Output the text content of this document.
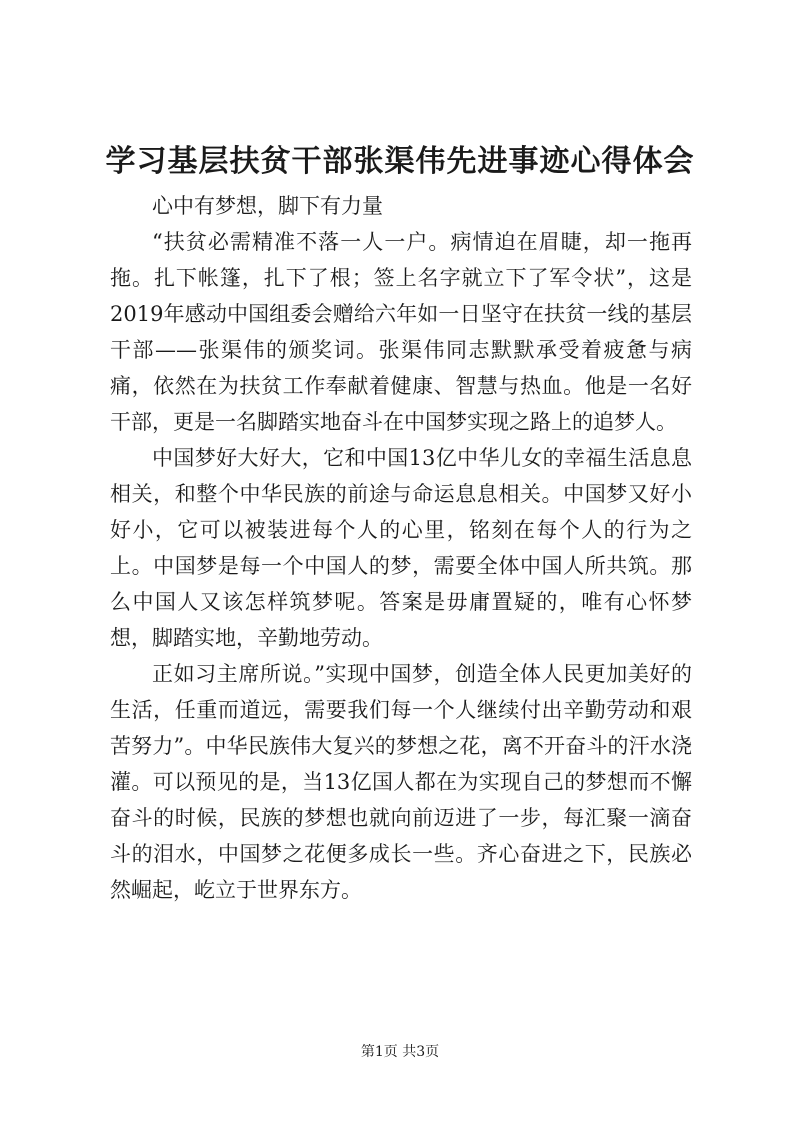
学习基层扶贫干部张渠伟先进事迹心得体会

心中有梦想，脚下有力量

“扶贫必需精准不落一人一户。病情迫在眉睫，却一拖再拖。扎下帐篷，扎下了根；签上名字就立下了军令状”，这是2019年感动中国组委会赠给六年如一日坚守在扶贫一线的基层干部——张渠伟的颁奖词。张渠伟同志默默承受着疲惫与病痛，依然在为扶贫工作奉献着健康、智慧与热血。他是一名好干部，更是一名脚踏实地奋斗在中国梦实现之路上的追梦人。

中国梦好大好大，它和中国13亿中华儿女的幸福生活息息相关，和整个中华民族的前途与命运息息相关。中国梦又好小好小，它可以被装进每个人的心里，铭刻在每个人的行为之上。中国梦是每一个中国人的梦，需要全体中国人所共筑。那么中国人又该怎样筑梦呢。答案是毋庸置疑的，唯有心怀梦想，脚踏实地，辛勤地劳动。

正如习主席所说。”实现中国梦，创造全体人民更加美好的生活，任重而道远，需要我们每一个人继续付出辛勤劳动和艰苦努力”。中华民族伟大复兴的梦想之花，离不开奋斗的汗水浇灌。可以预见的是，当13亿国人都在为实现自己的梦想而不懈奋斗的时候，民族的梦想也就向前迈进了一步，每汇聚一滴奋斗的泪水，中国梦之花便多成长一些。齐心奋进之下，民族必然崛起，屹立于世界东方。

第1页 共3页
